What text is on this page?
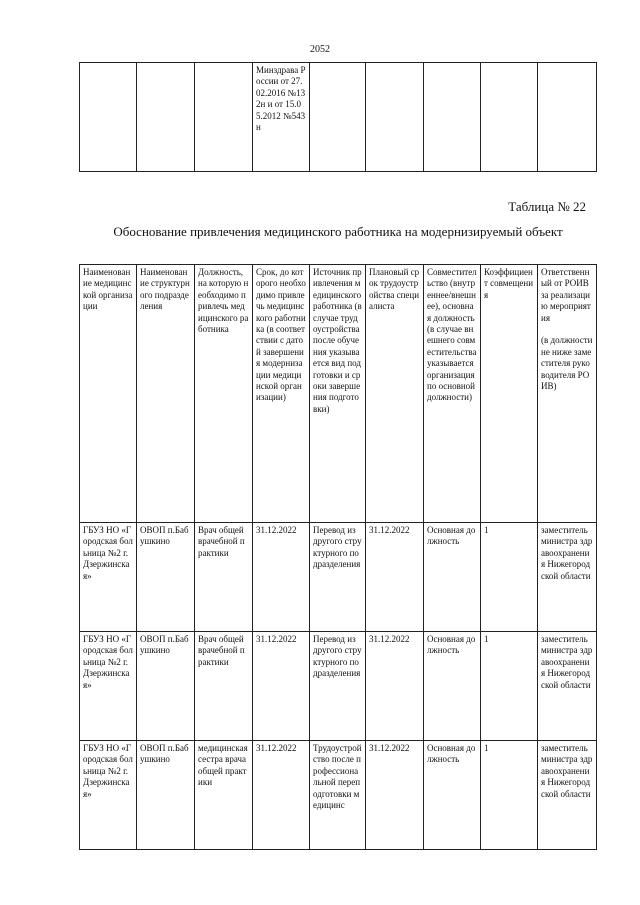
2052
			Минздрава России от 27.02.2016 №132н и от 15.05.2012 №543н					
Таблица № 22
Обоснование привлечения медицинского работника на модернизируемый объект
Наименование медицинской организации	Наименование структурного подразделения	Должность, на которую необходимо привлечь медицинского работника	Срок, до которого необходимо привлечь медицинского работника (в соответствии с датой завершения модернизации медицинской организации)	Источник привлечения медицинского работника (в случае трудоустройства после обучения указывается вид подготовки и сроки завершения подготовки)	Плановый срок трудоустройства специалиста	Совместительство (внутреннее/внешнее), основная должность (в случае внешнего совместительства указывается организация по основной должности)	Коэффициент совмещения	Ответственный от РОИВ за реализацию мероприятия

(в должности не ниже заместителя руководителя РОИВ)
ГБУЗ НО «Городская больница №2 г.Дзержинская»	ОВОП п.Бабушкино	Врач общей врачебной практики	31.12.2022	Перевод из другого структурного подразделения	31.12.2022	Основная должность	1	заместитель министра здравоохранения Нижегородской области
ГБУЗ НО «Городская больница №2 г.Дзержинская»	ОВОП п.Бабушкино	Врач общей врачебной практики	31.12.2022	Перевод из другого структурного подразделения	31.12.2022	Основная должность	1	заместитель министра здравоохранения Нижегородской области
ГБУЗ НО «Городская больница №2 г.Дзержинская»	ОВОП п.Бабушкино	медицинская сестра врача общей практики	31.12.2022	Трудоустройство после профессиональной переподготовки медицинс	31.12.2022	Основная должность	1	заместитель министра здравоохранения Нижегородской области
